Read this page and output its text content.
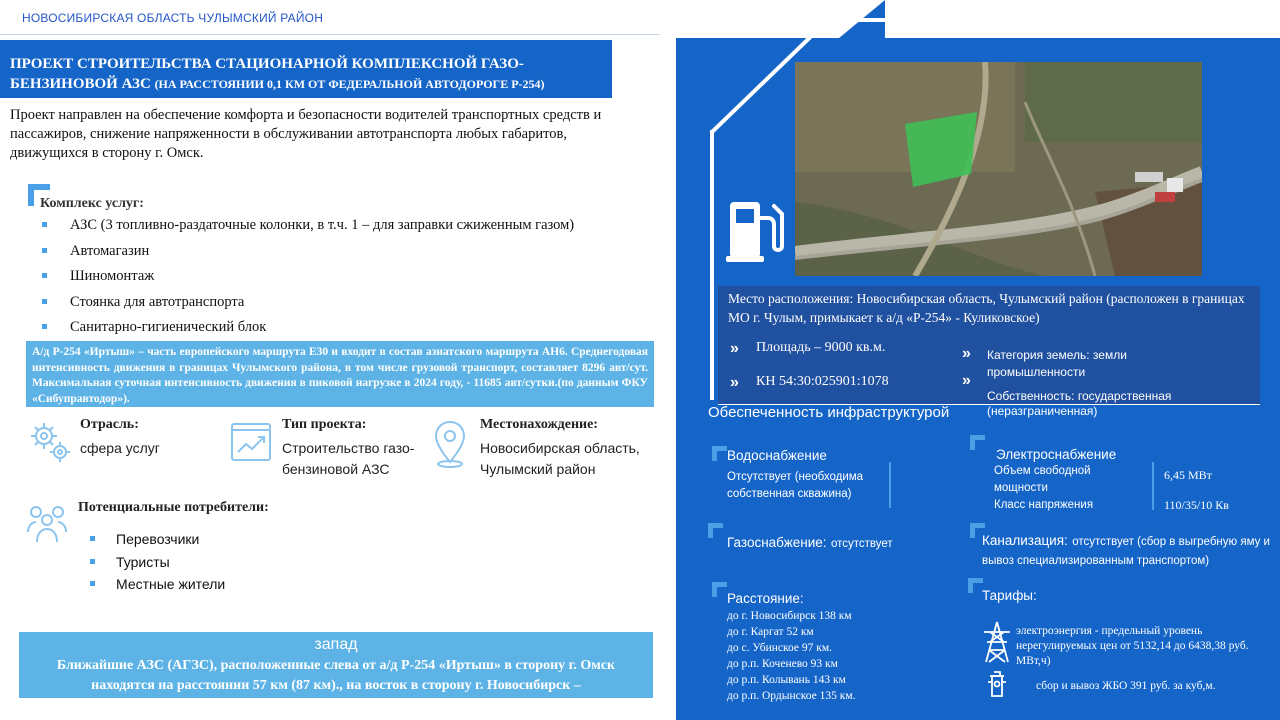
НОВОСИБИРСКАЯ ОБЛАСТЬ ЧУЛЫМСКИЙ РАЙОН
ПРОЕКТ СТРОИТЕЛЬСТВА СТАЦИОНАРНОЙ КОМПЛЕКСНОЙ ГАЗО-
БЕНЗИНОВОЙ АЗС (НА РАССТОЯНИИ 0,1 КМ ОТ ФЕДЕРАЛЬНОЙ АВТОДОРОГЕ Р-254)
Проект направлен на обеспечение комфорта и безопасности водителей транспортных средств и пассажиров, снижение напряженности в обслуживании автотранспорта любых габаритов, движущихся в сторону г. Омск.
Комплекс услуг:
АЗС (3 топливно-раздаточные колонки, в т.ч. 1 – для заправки сжиженным газом)
Автомагазин
Шиномонтаж
Стоянка для автотранспорта
Санитарно-гигиенический блок
А/д Р-254 «Иртыш» – часть европейского маршрута Е30 и входит в состав азиатского маршрута АН6. Среднегодовая интенсивность движения в границах Чулымского района, в том числе грузовой транспорт, составляет 8296 авт/сут. Максимальная суточная интенсивность движения в пиковой нагрузке в 2024 году, - 11685 авт/сутки.(по данным ФКУ «Сибуправтодор»).
Отрасль:
сфера услуг
Тип проекта:
Строительство газо-бензиновой АЗС
Местонахождение:
Новосибирская область, Чулымский район
Потенциальные потребители:
Перевозчики
Туристы
Местные жители
запад
Ближайшие АЗС (АГЗС), расположенные слева от а/д Р-254 «Иртыш» в сторону г. Омск находятся на расстоянии 57 км (87 км)., на восток в сторону г. Новосибирск –
Место расположения: Новосибирская область, Чулымский район (расположен в границах МО г. Чулым, примыкает к а/д «Р-254» - Куликовское)
» Площадь – 9000 кв.м.
» КН 54:30:025901:1078
» Категория земель: земли промышленности
»
Собственность: государственная (неразграниченная)
Обеспеченность инфраструктурой
Водоснабжение
Отсутствует (необходима собственная скважина)
Электроснабжение
Объем свободной мощности
Класс напряжения
6,45 МВт
110/35/10 Кв
Газоснабжение: отсутствует	Канализация: отсутствует (сбор в выгребную яму и вывоз специализированным транспортом)
Расстояние:
до г. Новосибирск 138 км
до г. Каргат 52 км
до с. Убинское 97 км.
до р.п. Коченево 93 км
до р.п. Колывань 143 км
до р.п. Ордынское 135 км.
Тарифы:
электроэнергия - предельный уровень нерегулируемых цен от 5132,14 до 6438,38 руб. МВт,ч)
сбор и вывоз ЖБО 391 руб. за куб,м.
